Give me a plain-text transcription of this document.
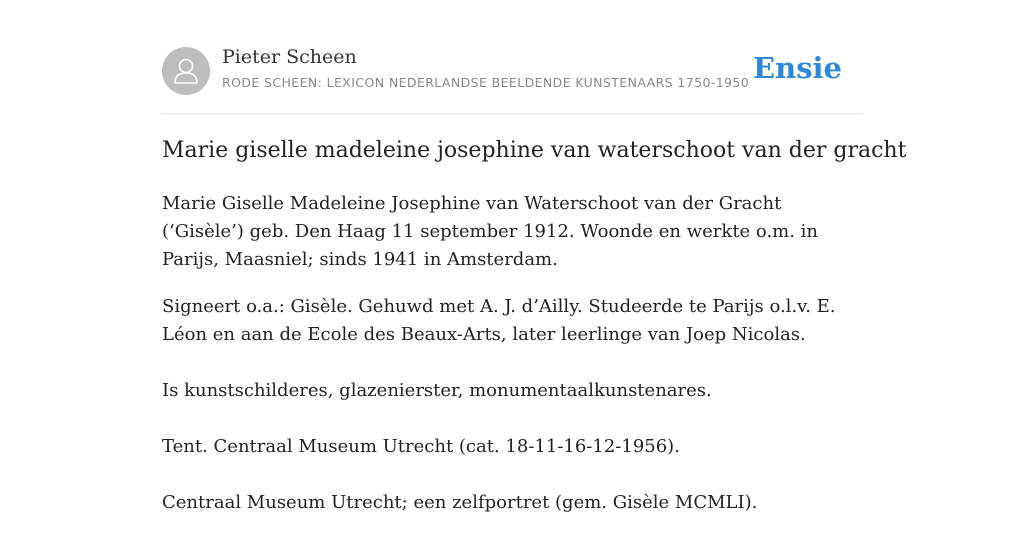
Pieter Scheen
RODE SCHEEN: LEXICON NEDERLANDSE BEELDENDE KUNSTENAARS 1750-1950 Ensie
Marie giselle madeleine josephine van waterschoot van der gracht

Marie Giselle Madeleine Josephine van Waterschoot van der Gracht (‘Gisèle’) geb. Den Haag 11 september 1912. Woonde en werkte o.m. in Parijs, Maasniel; sinds 1941 in Amsterdam.

Signeert o.a.: Gisèle. Gehuwd met A. J. d’Ailly. Studeerde te Parijs o.l.v. E. Léon en aan de Ecole des Beaux-Arts, later leerlinge van Joep Nicolas.

Is kunstschilderes, glazenierster, monumentaalkunstenares.

Tent. Centraal Museum Utrecht (cat. 18-11-16-12-1956).

Centraal Museum Utrecht; een zelfportret (gem. Gisèle MCMLI).
